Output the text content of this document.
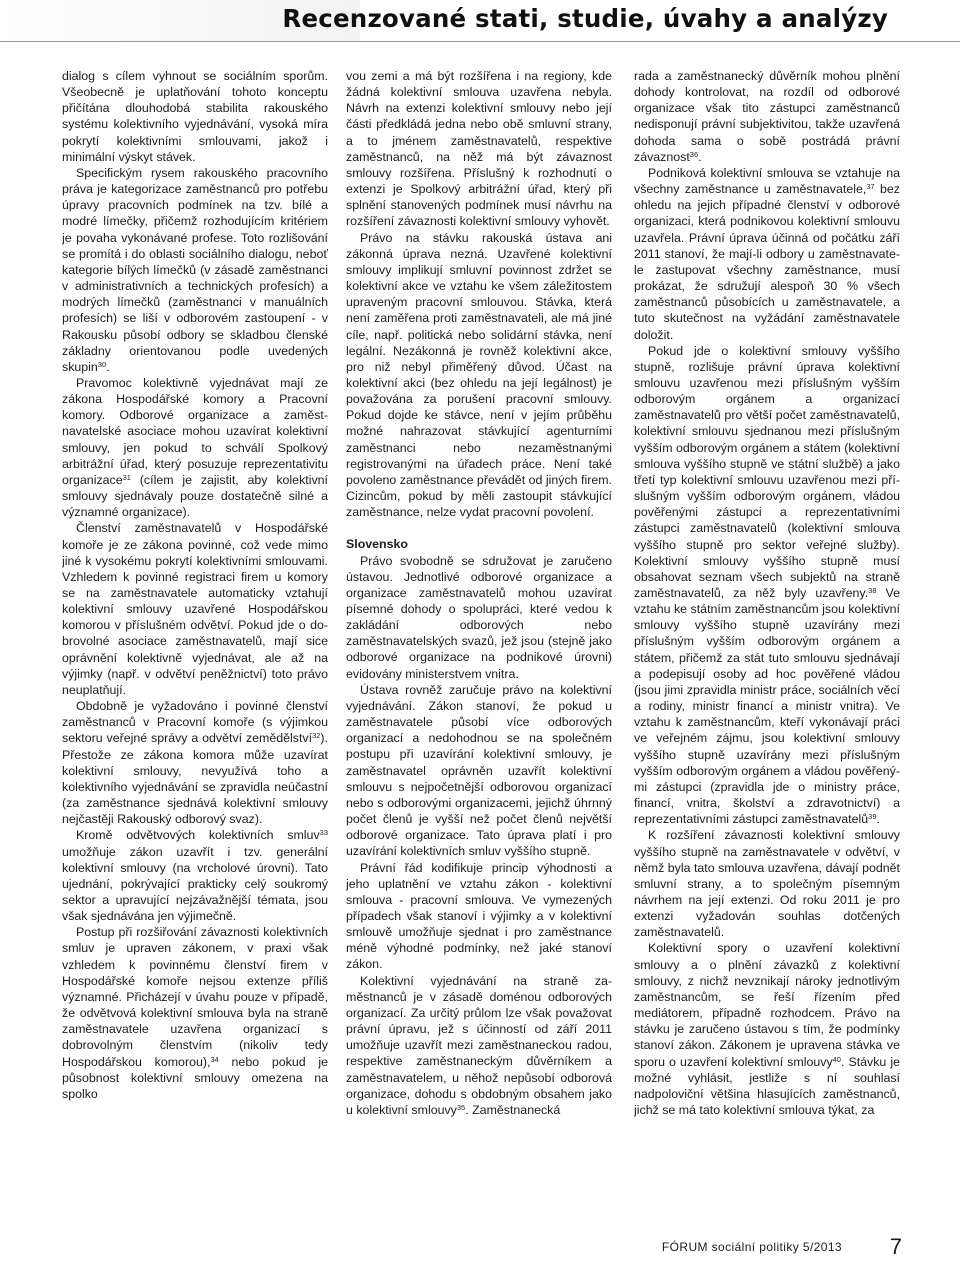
Recenzované stati, studie, úvahy a analýzy

dialog s cílem vyhnout se sociálním sporům. Všeobecně je uplatňování tohoto konceptu přičítána dlouhodobá stabilita rakouského systému kolektivního vyjednávání, vysoká míra pokrytí kolektivními smlouvami, jakož i minimální výskyt stávek.

Specifickým rysem rakouského pracovního práva je kategorizace zaměstnanců pro potřebu úpravy pracovních podmínek na tzv. bílé a modré límečky, přičemž rozhodujícím kritériem je povaha vykonávané profese. Toto rozlišování se promítá i do oblasti sociálního dialogu, neboť kategorie bílých límečků (v zásadě zaměstnanci v administrativních a technických profesích) a modrých límečků (zaměstnanci v manuálních profesích) se liší v odborovém zastoupení - v Rakousku působí odbory se skladbou členské základny orientovanou podle uvedených skupin$^{30}$.

Pravomoc kolektivně vyjednávat mají ze zákona Hospodářské komory a Pracovní komory. Odborové organizace a zaměstnavatelské asociace mohou uzavírat kolektivní smlouvy, jen pokud to schválí Spolkový arbitrážní úřad, který posuzuje reprezentativitu organizace$^{31}$ (cílem je zajistit, aby kolektivní smlouvy sjednávaly pouze dostatečně silné a významné organizace).

Členství zaměstnavatelů v Hospodářské komoře je ze zákona povinné, což vede mimo jiné k vysokému pokrytí kolektivními smlouvami. Vzhledem k povinné registraci firem u komory se na zaměstnavatele automaticky vztahují kolektivní smlouvy uzavřené Hospodářskou komorou v příslušném odvětví. Pokud jde o dobrovolné asociace zaměstnavatelů, mají sice oprávnění kolektivně vyjednávat, ale až na výjimky (např. v odvětví peněžnictví) toto právo neuplatňují.

Obdobně je vyžadováno i povinné členství zaměstnanců v Pracovní komoře (s výjimkou sektoru veřejné správy a odvětví zemědělství$^{32}$). Přestože ze zákona komora může uzavírat kolektivní smlouvy, nevyužívá toho a kolektivního vyjednávání se zpravidla neúčastní (za zaměstnance sjednává kolektivní smlouvy nejčastěji Rakouský odborový svaz).

Kromě odvětvových kolektivních smluv$^{33}$ umožňuje zákon uzavřít i tzv. generální kolektivní smlouvy (na vrcholové úrovni). Tato ujednání, pokrývající prakticky celý soukromý sektor a upravující nejzávažnější témata, jsou však sjednávána jen výjimečně.

Postup při rozšiřování závaznosti kolektivních smluv je upraven zákonem, v praxi však vzhledem k povinnému členství firem v Hospodářské komoře nejsou extenze příliš významné. Přicházejí v úvahu pouze v případě, že odvětvová kolektivní smlouva byla na straně zaměstnavatele uzavřena organizací s dobrovolným členstvím (nikoliv tedy Hospodářskou komorou),$^{34}$ nebo pokud je působnost kolektivní smlouvy omezena na spolko

vou zemi a má být rozšířena i na regiony, kde žádná kolektivní smlouva uzavřena nebyla. Návrh na extenzi kolektivní smlouvy nebo její části předkládá jedna nebo obě smluvní strany, a to jménem zaměstnavatelů, respektive zaměstnanců, na něž má být závaznost smlouvy rozšířena. Příslušný k rozhodnutí o extenzi je Spolkový arbitrážní úřad, který při splnění stanovených podmínek musí návrhu na rozšíření závaznosti kolektivní smlouvy vyhovět.

Právo na stávku rakouská ústava ani zákonná úprava nezná. Uzavřené kolektivní smlouvy implikují smluvní povinnost zdržet se kolektivní akce ve vztahu ke všem záležitostem upraveným pracovní smlouvou. Stávka, která není zaměřena proti zaměstnavateli, ale má jiné cíle, např. politická nebo solidární stávka, není legální. Nezákonná je rovněž kolektivní akce, pro niž nebyl přiměřený důvod. Účast na kolektivní akci (bez ohledu na její legálnost) je považována za porušení pracovní smlouvy. Pokud dojde ke stávce, není v jejím průběhu možné nahrazovat stávkující agenturními zaměstnanci nebo nezaměstnanými registrovanými na úřadech práce. Není také povoleno zaměstnance převádět od jiných firem. Cizincům, pokud by měli zastoupit stávkující zaměstnance, nelze vydat pracovní povolení.

Slovensko

Právo svobodně se sdružovat je zaručeno ústavou. Jednotlivé odborové organizace a organizace zaměstnavatelů mohou uzavírat písemné dohody o spolupráci, které vedou k zakládání odborových nebo zaměstnavatelských svazů, jež jsou (stejně jako odborové organizace na podnikové úrovni) evidovány ministerstvem vnitra.

Ústava rovněž zaručuje právo na kolektivní vyjednávání. Zákon stanoví, že pokud u zaměstnavatele působí více odborových organizací a nedohodnou se na společném postupu při uzavírání kolektivní smlouvy, je zaměstnavatel oprávněn uzavřít kolektivní smlouvu s nejpočetnější odborovou organizací nebo s odborovými organizacemi, jejichž úhrnný počet členů je vyšší než počet členů největší odborové organizace. Tato úprava platí i pro uzavírání kolektivních smluv vyššího stupně.

Právní řád kodifikuje princip výhodnosti a jeho uplatnění ve vztahu zákon - kolektivní smlouva - pracovní smlouva. Ve vymezených případech však stanoví i výjimky a v kolektivní smlouvě umožňuje sjednat i pro zaměstnance méně výhodné podmínky, než jaké stanoví zákon.

Kolektivní vyjednávání na straně zaměstnanců je v zásadě doménou odborových organizací. Za určitý průlom lze však považovat právní úpravu, jež s účinností od září 2011 umožňuje uzavřít mezi zaměstnaneckou radou, respektive zaměstnaneckým důvěrníkem a zaměstnavatelem, u něhož nepůsobí odborová organizace, dohodu s obdobným obsahem jako u kolektivní smlouvy$^{35}$. Zaměstnanecká

rada a zaměstnanecký důvěrník mohou plnění dohody kontrolovat, na rozdíl od odborové organizace však tito zástupci zaměstnanců nedisponují právní subjektivitou, takže uzavřená dohoda sama o sobě postrádá právní závaznost$^{36}$.

Podniková kolektivní smlouva se vztahuje na všechny zaměstnance u zaměstnavatele,$^{37}$ bez ohledu na jejich případné členství v odborové organizaci, která podnikovou kolektivní smlouvu uzavřela. Právní úprava účinná od počátku září 2011 stanoví, že mají-li odbory u zaměstnavatele zastupovat všechny zaměstnance, musí prokázat, že sdružují alespoň 30 % všech zaměstnanců působících u zaměstnavatele, a tuto skutečnost na vyžádání zaměstnavatele doložit.

Pokud jde o kolektivní smlouvy vyššího stupně, rozlišuje právní úprava kolektivní smlouvu uzavřenou mezi příslušným vyšším odborovým orgánem a organizací zaměstnavatelů pro větší počet zaměstnavatelů, kolektivní smlouvu sjednanou mezi příslušným vyšším odborovým orgánem a státem (kolektivní smlouva vyššího stupně ve státní službě) a jako třetí typ kolektivní smlouvu uzavřenou mezi příslušným vyšším odborovým orgánem, vládou pověřenými zástupci a reprezentativními zástupci zaměstnavatelů (kolektivní smlouva vyššího stupně pro sektor veřejné služby). Kolektivní smlouvy vyššího stupně musí obsahovat seznam všech subjektů na straně zaměstnavatelů, za něž byly uzavřeny.$^{38}$ Ve vztahu ke státním zaměstnancům jsou kolektivní smlouvy vyššího stupně uzavírány mezi příslušným vyšším odborovým orgánem a státem, přičemž za stát tuto smlouvu sjednávají a podepisují osoby ad hoc pověřené vládou (jsou jimi zpravidla ministr práce, sociálních věcí a rodiny, ministr financí a ministr vnitra). Ve vztahu k zaměstnancům, kteří vykonávají práci ve veřejném zájmu, jsou kolektivní smlouvy vyššího stupně uzavírány mezi příslušným vyšším odborovým orgánem a vládou pověřenými zástupci (zpravidla jde o ministry práce, financí, vnitra, školství a zdravotnictví) a reprezentativními zástupci zaměstnavatelů$^{39}$.

K rozšíření závaznosti kolektivní smlouvy vyššího stupně na zaměstnavatele v odvětví, v němž byla tato smlouva uzavřena, dávají podnět smluvní strany, a to společným písemným návrhem na její extenzi. Od roku 2011 je pro extenzi vyžadován souhlas dotčených zaměstnavatelů.

Kolektivní spory o uzavření kolektivní smlouvy a o plnění závazků z kolektivní smlouvy, z nichž nevznikají nároky jednotlivým zaměstnancům, se řeší řízením před mediátorem, případně rozhodcem. Právo na stávku je zaručeno ústavou s tím, že podmínky stanoví zákon. Zákonem je upravena stávka ve sporu o uzavření kolektivní smlouvy$^{40}$. Stávku je možné vyhlásit, jestliže s ní souhlasí nadpoloviční většina hlasujících zaměstnanců, jichž se má tato kolektivní smlouva týkat, za

FÓRUM sociální politiky 5/2013 7
